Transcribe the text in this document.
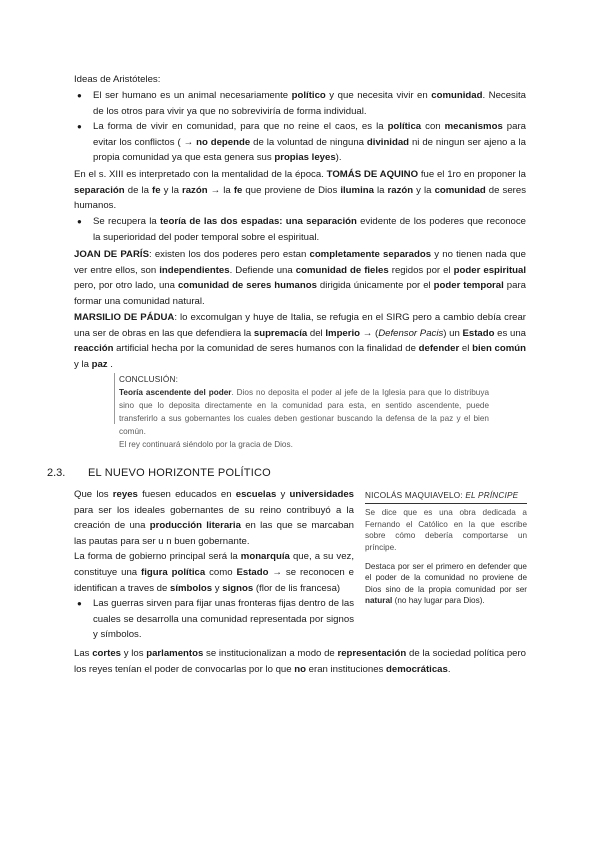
Ideas de Aristóteles:
● El ser humano es un animal necesariamente político y que necesita vivir en comunidad. Necesita de los otros para vivir ya que no sobreviviría de forma individual.
● La forma de vivir en comunidad, para que no reine el caos, es la política con mecanismos para evitar los conflictos ( → no depende de la voluntad de ninguna divinidad ni de ningun ser ajeno a la propia comunidad ya que esta genera sus propias leyes).
En el s. XIII es interpretado con la mentalidad de la época. TOMÁS DE AQUINO fue el 1ro en proponer la separación de la fe y la razón → la fe que proviene de Dios ilumina la razón y la comunidad de seres humanos.
● Se recupera la teoría de las dos espadas: una separación evidente de los poderes que reconoce la superioridad del poder temporal sobre el espiritual.
JOAN DE PARÍS: existen los dos poderes pero estan completamente separados y no tienen nada que ver entre ellos, son independientes. Defiende una comunidad de fieles regidos por el poder espiritual pero, por otro lado, una comunidad de seres humanos dirigida únicamente por el poder temporal para formar una comunidad natural.
MARSILIO DE PÁDUA: lo excomulgan y huye de Italia, se refugia en el SIRG pero a cambio debía crear una ser de obras en las que defendiera la supremacía del Imperio → (Defensor Pacis) un Estado es una reacción artificial hecha por la comunidad de seres humanos con la finalidad de defender el bien común y la paz .
CONCLUSIÓN:
Teoría ascendente del poder. Dios no deposita el poder al jefe de la Iglesia para que lo distribuya sino que lo deposita directamente en la comunidad para esta, en sentido ascendente, puede transferirlo a sus gobernantes los cuales deben gestionar buscando la defensa de la paz y el bien común.
El rey continuará siéndolo por la gracia de Dios.
2.3. EL NUEVO HORIZONTE POLÍTICO
Que los reyes fuesen educados en escuelas y universidades para ser los ideales gobernantes de su reino contribuyó a la creación de una producción literaria en las que se marcaban las pautas para ser u n buen gobernante.
La forma de gobierno principal será la monarquía que, a su vez, constituye una figura política como Estado → se reconocen e identifican a traves de símbolos y signos (flor de lis francesa)
● Las guerras sirven para fijar unas fronteras fijas dentro de las cuales se desarrolla una comunidad representada por signos y símbolos.
NICOLÁS MAQUIAVELO: EL PRÍNCIPE
Se dice que es una obra dedicada a Fernando el Católico en la que escribe sobre cómo debería comportarse un príncipe.
Destaca por ser el primero en defender que el poder de la comunidad no proviene de Dios sino de la propia comunidad por ser natural (no hay lugar para Dios).
Las cortes y los parlamentos se institucionalizan a modo de representación de la sociedad política pero los reyes tenían el poder de convocarlas por lo que no eran instituciones democráticas.
